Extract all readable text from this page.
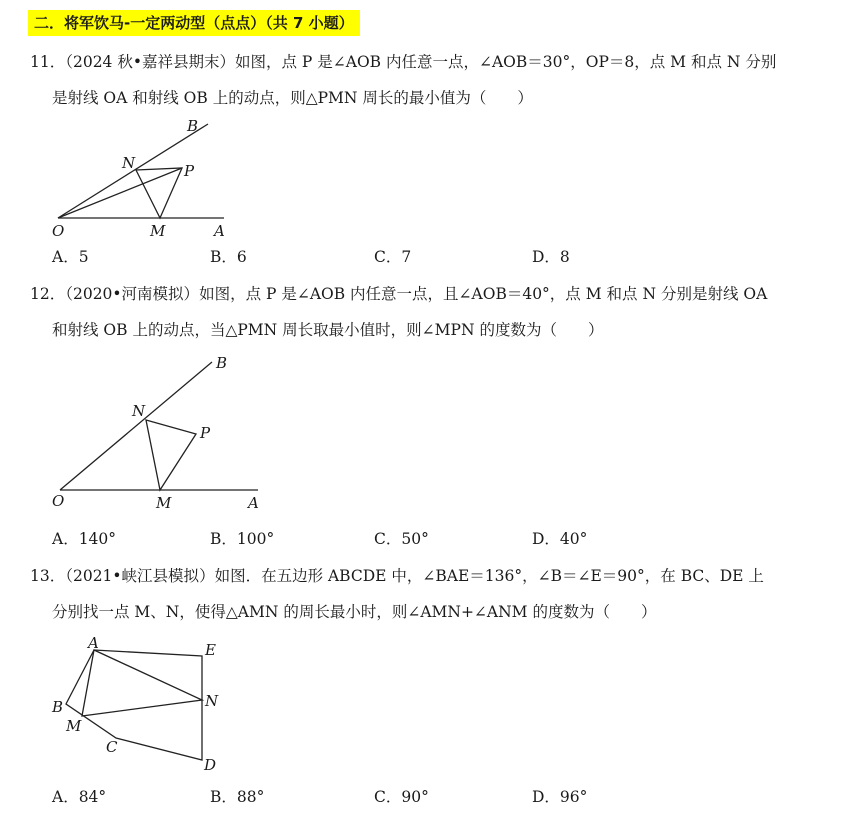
二．将军饮马-一定两动型（点点）（共 7 小题）
11．（2024 秋•嘉祥县期末）如图，点 P 是∠AOB 内任意一点，∠AOB＝30°，OP＝8，点 M 和点 N 分别
是射线 OA 和射线 OB 上的动点，则△PMN 周长的最小值为（　　）
B
N	P
O	M	A
A．5	B．6	C．7	D．8
12．（2020•河南模拟）如图，点 P 是∠AOB 内任意一点，且∠AOB＝40°，点 M 和点 N 分别是射线 OA
和射线 OB 上的动点，当△PMN 周长取最小值时，则∠MPN 的度数为（　　）
B
N
P
O	M	A
A．140°	B．100°	C．50°	D．40°
13．（2021•峡江县模拟）如图．在五边形 ABCDE 中，∠BAE＝136°，∠B＝∠E＝90°，在 BC、DE 上
分别找一点 M、N，使得△AMN 的周长最小时，则∠AMN+∠ANM 的度数为（　　）
A	E
B	N
M
C
D
A．84°	B．88°	C．90°	D．96°
